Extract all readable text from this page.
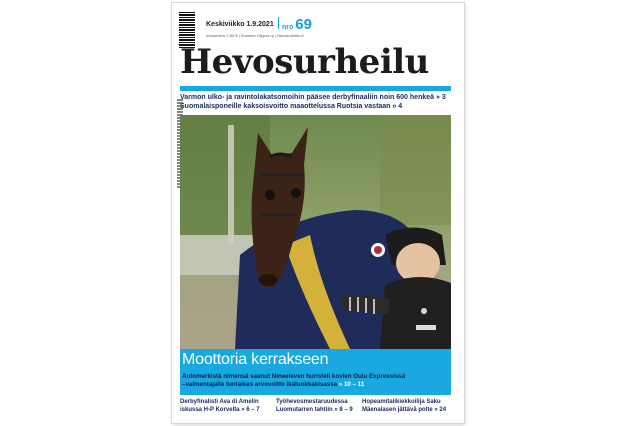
Keskiviikko 1.9.2021
Irtonumero 1,50 € | Suomen Hippos ry | Hevosurheilu.fi
nro 69
Hevosurheilu
Varmon ulko- ja ravintolakatsomoihin pääsee derbyfinaaliin noin 600 henkeä » 3
Suomalaisponeille kaksoisvoitto maaottelussa Ruotsia vastaan » 4
Moottoria kerrakseen
Automerkistä nimensä saanut Nineeleven huristeli kovien Oulu Expressissä
–valmentajalle tuntaikas arvovoitto ikäluokkakisassa » 10 – 11
Derbyfinalisti Ava di Amelin
iskussa H-P Korvelta » 6 – 7
Työhevosmestaruudessa
Luomutarren tahtiin » 8 – 9
Hopeamitalikiekkoilija Saku
Mäenalasen jättävä polte » 24
